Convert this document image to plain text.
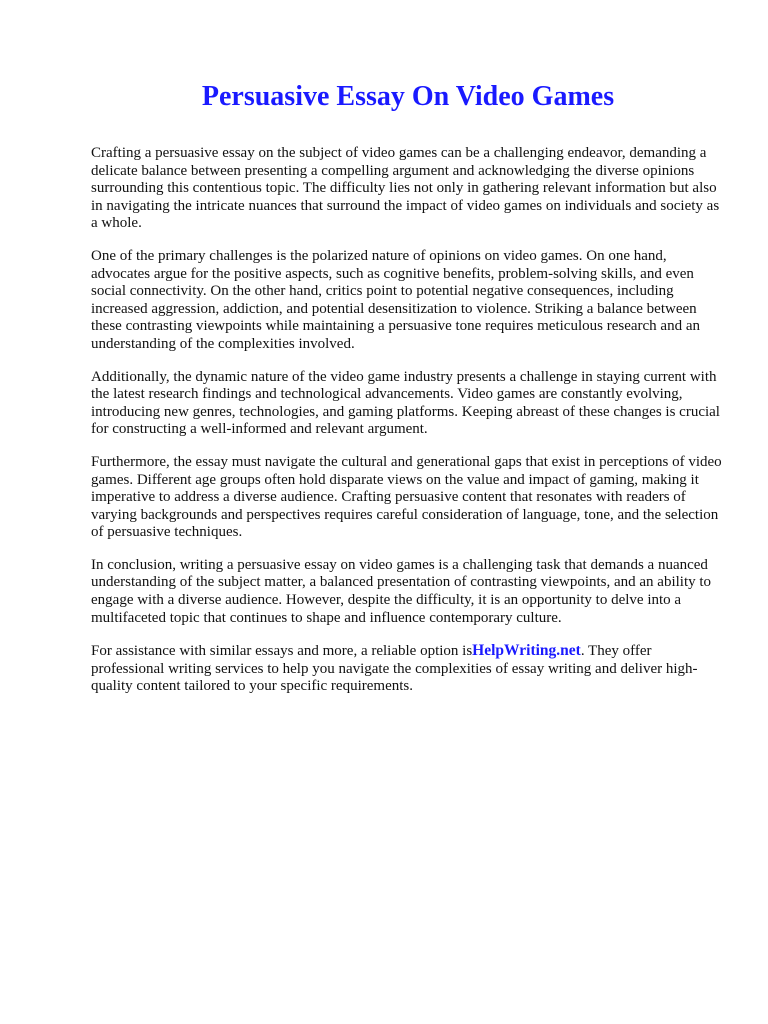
Persuasive Essay On Video Games

Crafting a persuasive essay on the subject of video games can be a challenging endeavor, demanding a delicate balance between presenting a compelling argument and acknowledging the diverse opinions surrounding this contentious topic. The difficulty lies not only in gathering relevant information but also in navigating the intricate nuances that surround the impact of video games on individuals and society as a whole.

One of the primary challenges is the polarized nature of opinions on video games. On one hand, advocates argue for the positive aspects, such as cognitive benefits, problem-solving skills, and even social connectivity. On the other hand, critics point to potential negative consequences, including increased aggression, addiction, and potential desensitization to violence. Striking a balance between these contrasting viewpoints while maintaining a persuasive tone requires meticulous research and an understanding of the complexities involved.

Additionally, the dynamic nature of the video game industry presents a challenge in staying current with the latest research findings and technological advancements. Video games are constantly evolving, introducing new genres, technologies, and gaming platforms. Keeping abreast of these changes is crucial for constructing a well-informed and relevant argument.

Furthermore, the essay must navigate the cultural and generational gaps that exist in perceptions of video games. Different age groups often hold disparate views on the value and impact of gaming, making it imperative to address a diverse audience. Crafting persuasive content that resonates with readers of varying backgrounds and perspectives requires careful consideration of language, tone, and the selection of persuasive techniques.

In conclusion, writing a persuasive essay on video games is a challenging task that demands a nuanced understanding of the subject matter, a balanced presentation of contrasting viewpoints, and an ability to engage with a diverse audience. However, despite the difficulty, it is an opportunity to delve into a multifaceted topic that continues to shape and influence contemporary culture.

For assistance with similar essays and more, a reliable option isHelpWriting.net. They offer professional writing services to help you navigate the complexities of essay writing and deliver high-quality content tailored to your specific requirements.
